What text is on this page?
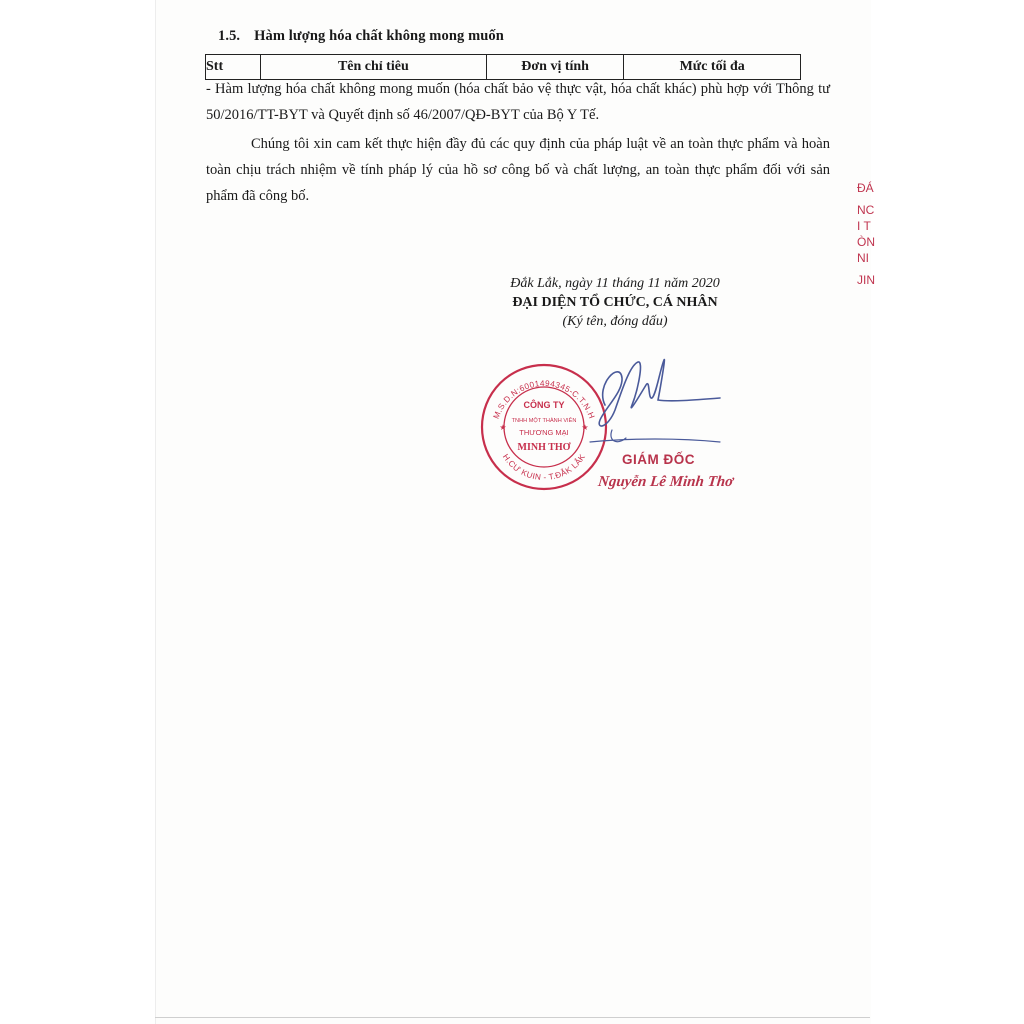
ĐÁ
NC
I T
ÒN
NI
JIN
1.5. Hàm lượng hóa chất không mong muốn
Stt	Tên chỉ tiêu	Đơn vị tính	Mức tối đa
- Hàm lượng hóa chất không mong muốn (hóa chất bảo vệ thực vật, hóa chất khác) phù hợp với Thông tư 50/2016/TT-BYT và Quyết định số 46/2007/QĐ-BYT của Bộ Y Tế.
Chúng tôi xin cam kết thực hiện đầy đủ các quy định của pháp luật về an toàn thực phẩm và hoàn toàn chịu trách nhiệm về tính pháp lý của hồ sơ công bố và chất lượng, an toàn thực phẩm đối với sản phẩm đã công bố.
Đắk Lắk, ngày 11 tháng 11 năm 2020
ĐẠI DIỆN TỔ CHỨC, CÁ NHÂN
(Ký tên, đóng dấu)
M.S.D.N:6001494345-C.T.N.H
H.CƯ KUIN - T.ĐẮK LẮK
CÔNG TY
TNHH MỘT THÀNH VIÊN
THƯƠNG MẠI
MINH THƠ
★	★
GIÁM ĐỐC
Nguyễn Lê Minh Thơ
